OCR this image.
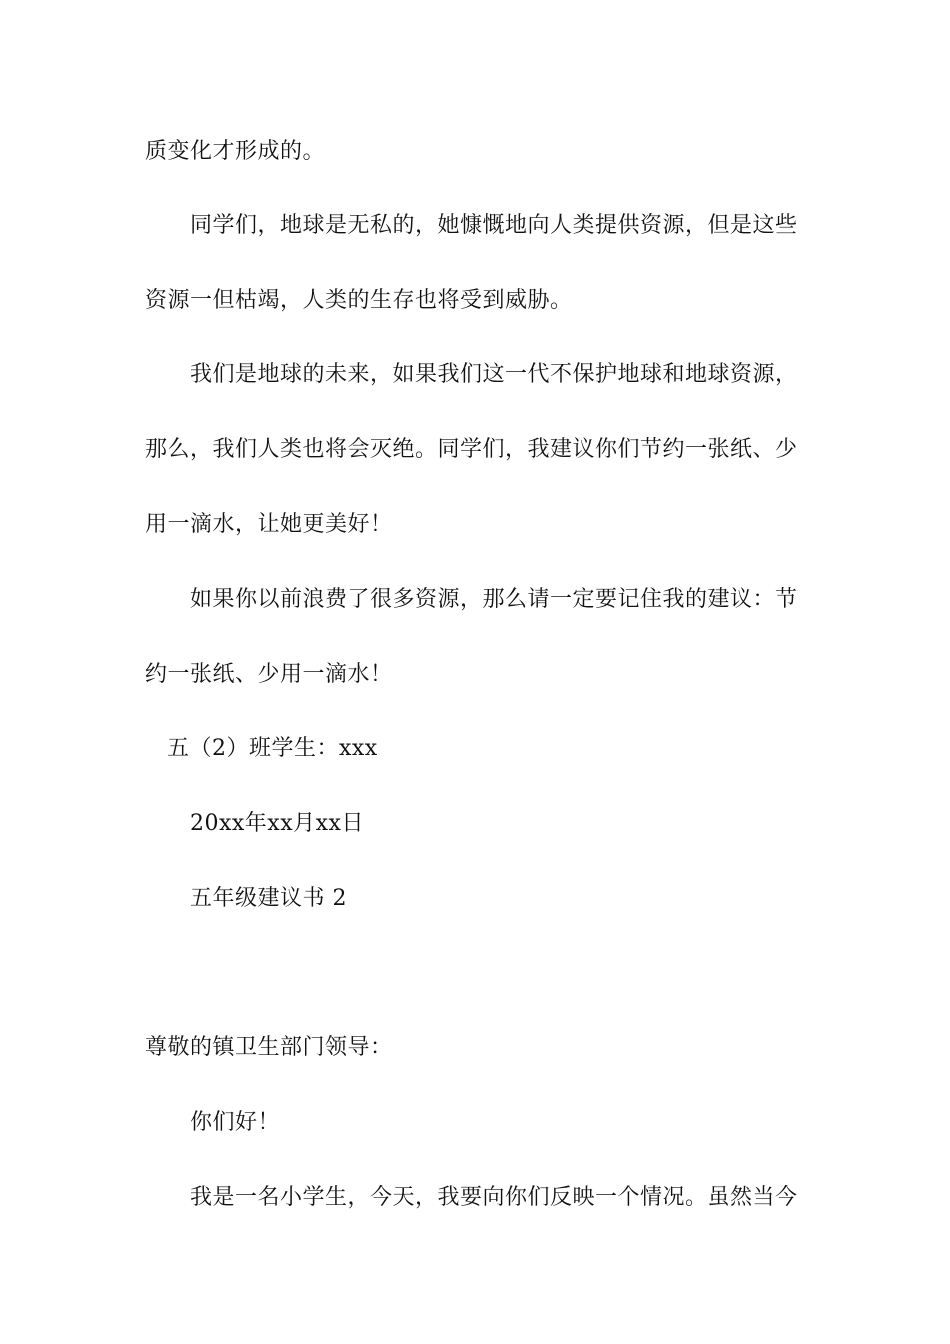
质变化才形成的。
同学们，地球是无私的，她慷慨地向人类提供资源，但是这些
资源一但枯竭，人类的生存也将受到威胁。
我们是地球的未来，如果我们这一代不保护地球和地球资源，
那么，我们人类也将会灭绝。同学们，我建议你们节约一张纸、少
用一滴水，让她更美好！
如果你以前浪费了很多资源，那么请一定要记住我的建议：节
约一张纸、少用一滴水！
五（2）班学生：xxx
20xx年xx月xx日
五年级建议书 2
尊敬的镇卫生部门领导：
你们好！
我是一名小学生，今天，我要向你们反映一个情况。虽然当今
